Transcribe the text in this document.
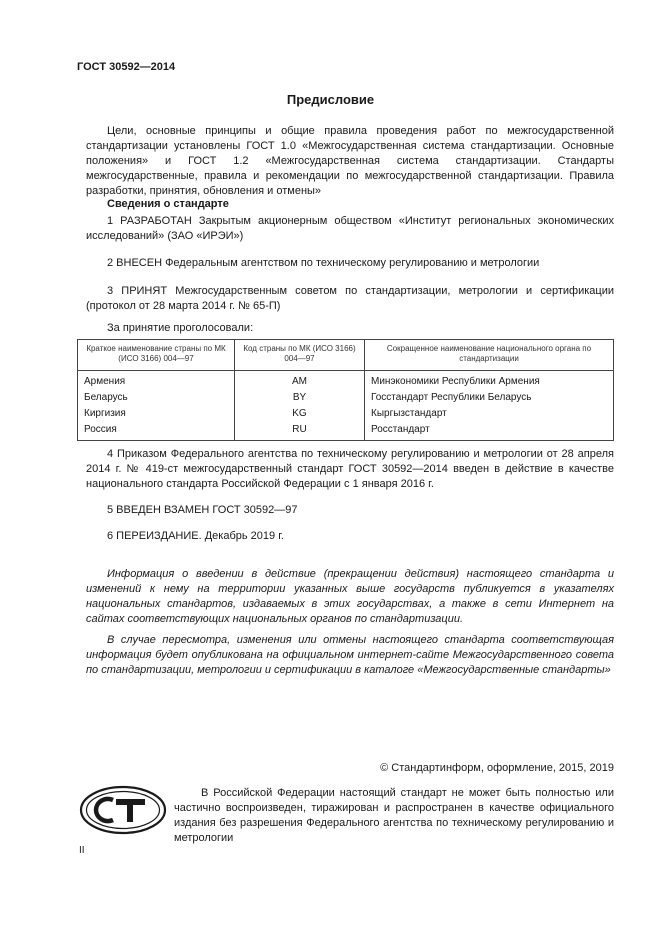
ГОСТ 30592—2014
Предисловие
Цели, основные принципы и общие правила проведения работ по межгосударственной стандартизации установлены ГОСТ 1.0 «Межгосударственная система стандартизации. Основные положения» и ГОСТ 1.2 «Межгосударственная система стандартизации. Стандарты межгосударственные, правила и рекомендации по межгосударственной стандартизации. Правила разработки, принятия, обновления и отмены»
Сведения о стандарте
1 РАЗРАБОТАН Закрытым акционерным обществом «Институт региональных экономических исследований» (ЗАО «ИРЭИ»)
2 ВНЕСЕН Федеральным агентством по техническому регулированию и метрологии
3 ПРИНЯТ Межгосударственным советом по стандартизации, метрологии и сертификации (протокол от 28 марта 2014 г. № 65-П)
За принятие проголосовали:
Краткое наименование страны по МК (ИСО 3166) 004—97	Код страны по МК (ИСО 3166) 004—97	Сокращенное наименование национального органа по стандартизации
Армения	AM	Минэкономики Республики Армения
Беларусь	BY	Госстандарт Республики Беларусь
Киргизия	KG	Кыргызстандарт
Россия	RU	Росстандарт
4 Приказом Федерального агентства по техническому регулированию и метрологии от 28 апреля 2014 г. № 419-ст межгосударственный стандарт ГОСТ 30592—2014 введен в действие в качестве национального стандарта Российской Федерации с 1 января 2016 г.
5 ВВЕДЕН ВЗАМЕН ГОСТ 30592—97
6 ПЕРЕИЗДАНИЕ. Декабрь 2019 г.
Информация о введении в действие (прекращении действия) настоящего стандарта и изменений к нему на территории указанных выше государств публикуется в указателях национальных стандартов, издаваемых в этих государствах, а также в сети Интернет на сайтах соответствующих национальных органов по стандартизации.
В случае пересмотра, изменения или отмены настоящего стандарта соответствующая информация будет опубликована на официальном интернет-сайте Межгосударственного совета по стандартизации, метрологии и сертификации в каталоге «Межгосударственные стандарты»
© Стандартинформ, оформление, 2015, 2019
В Российской Федерации настоящий стандарт не может быть полностью или частично воспроизведен, тиражирован и распространен в качестве официального издания без разрешения Федерального агентства по техническому регулированию и метрологии
II
